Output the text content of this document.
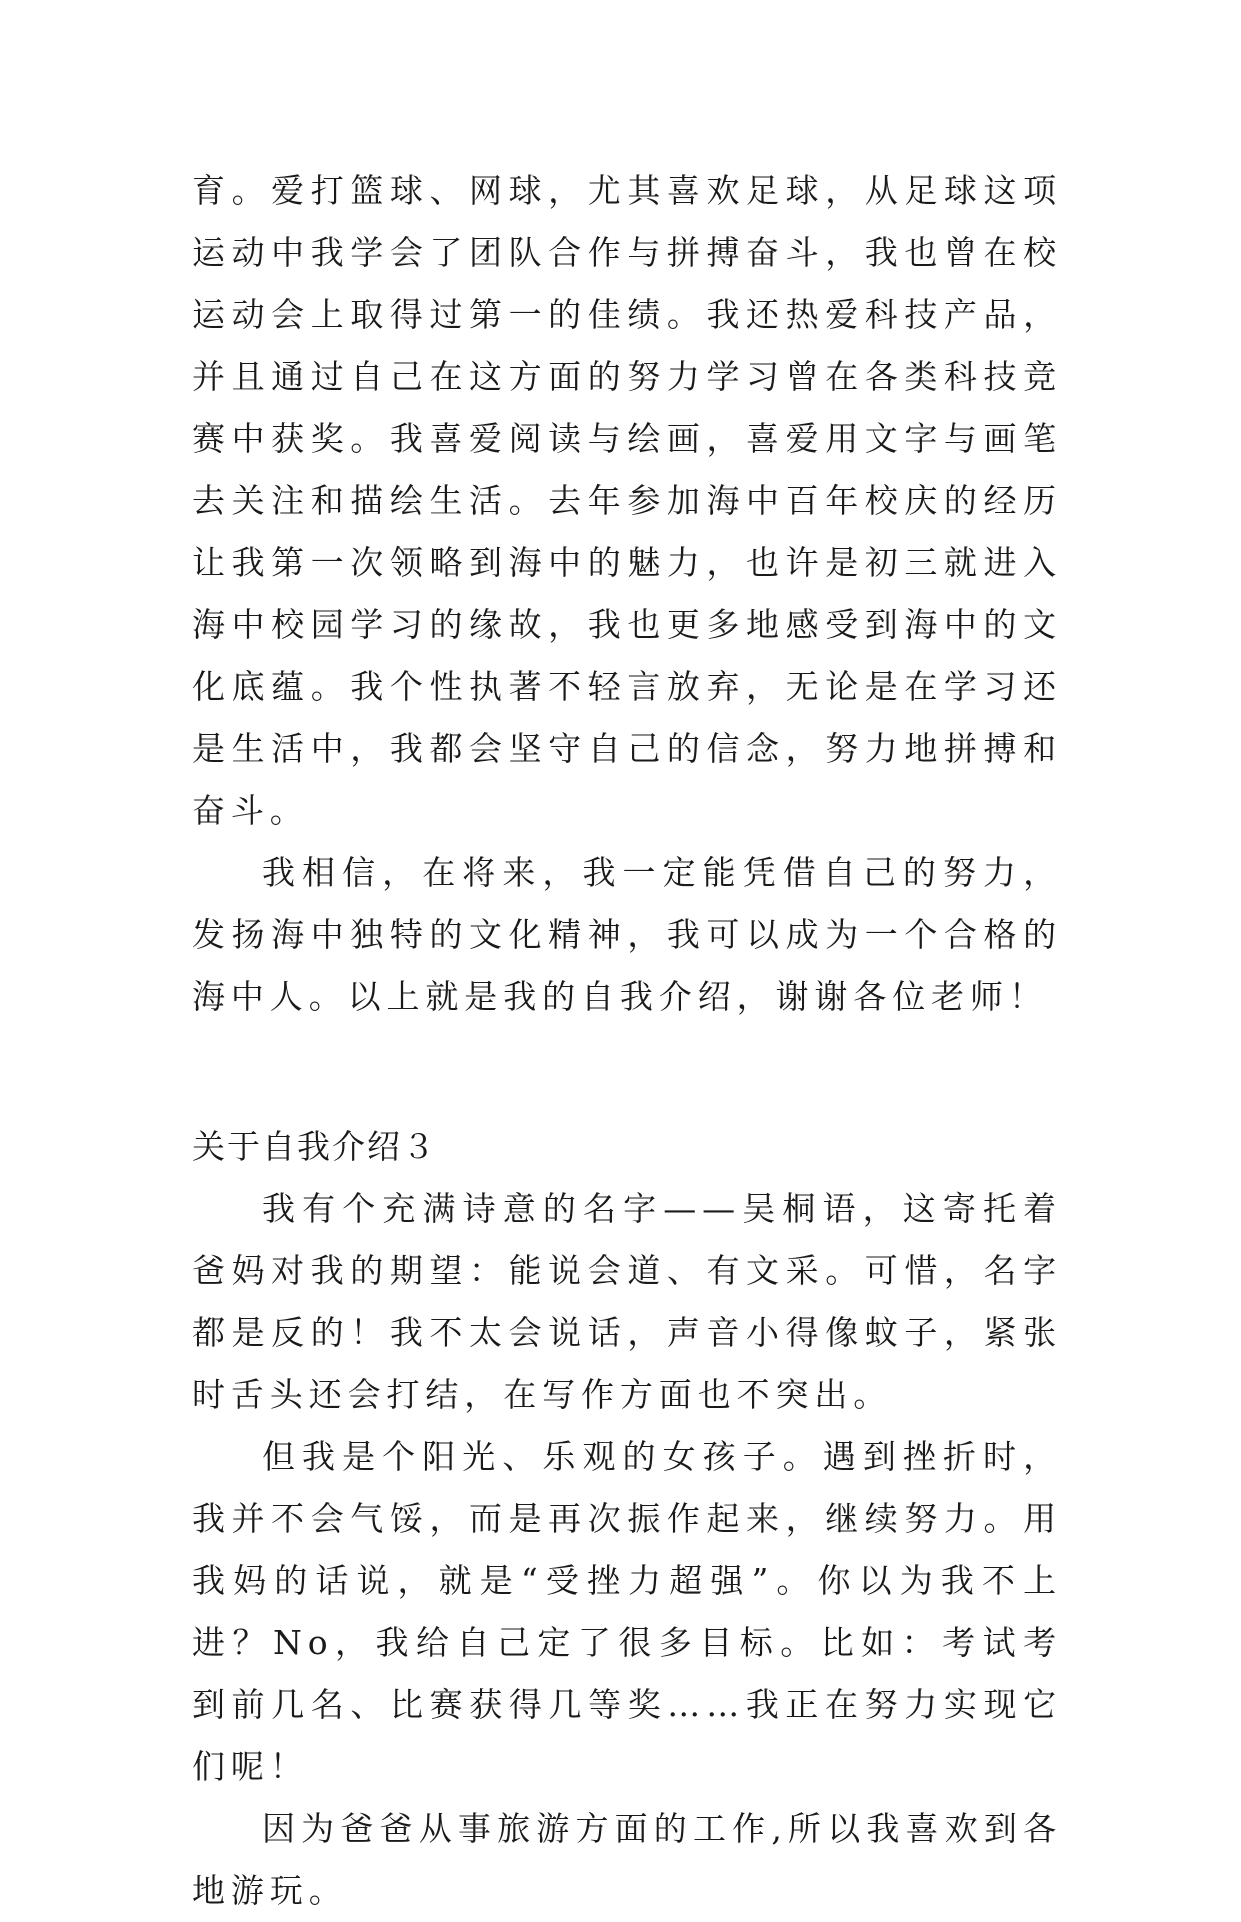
育。爱打篮球、网球，尤其喜欢足球，从足球这项运动中我学会了团队合作与拼搏奋斗，我也曾在校运动会上取得过第一的佳绩。我还热爱科技产品，并且通过自己在这方面的努力学习曾在各类科技竞赛中获奖。我喜爱阅读与绘画，喜爱用文字与画笔去关注和描绘生活。去年参加海中百年校庆的经历让我第一次领略到海中的魅力，也许是初三就进入海中校园学习的缘故，我也更多地感受到海中的文化底蕴。我个性执著不轻言放弃，无论是在学习还是生活中，我都会坚守自己的信念，努力地拼搏和奋斗。

我相信，在将来，我一定能凭借自己的努力，发扬海中独特的文化精神，我可以成为一个合格的海中人。以上就是我的自我介绍，谢谢各位老师！

关于自我介绍３

我有个充满诗意的名字——吴桐语，这寄托着爸妈对我的期望：能说会道、有文采。可惜，名字都是反的！我不太会说话，声音小得像蚊子，紧张时舌头还会打结，在写作方面也不突出。

但我是个阳光、乐观的女孩子。遇到挫折时，我并不会气馁，而是再次振作起来，继续努力。用我妈的话说，就是“受挫力超强”。你以为我不上进？No，我给自己定了很多目标。比如：考试考到前几名、比赛获得几等奖……我正在努力实现它们呢！

因为爸爸从事旅游方面的工作,所以我喜欢到各地游玩。
